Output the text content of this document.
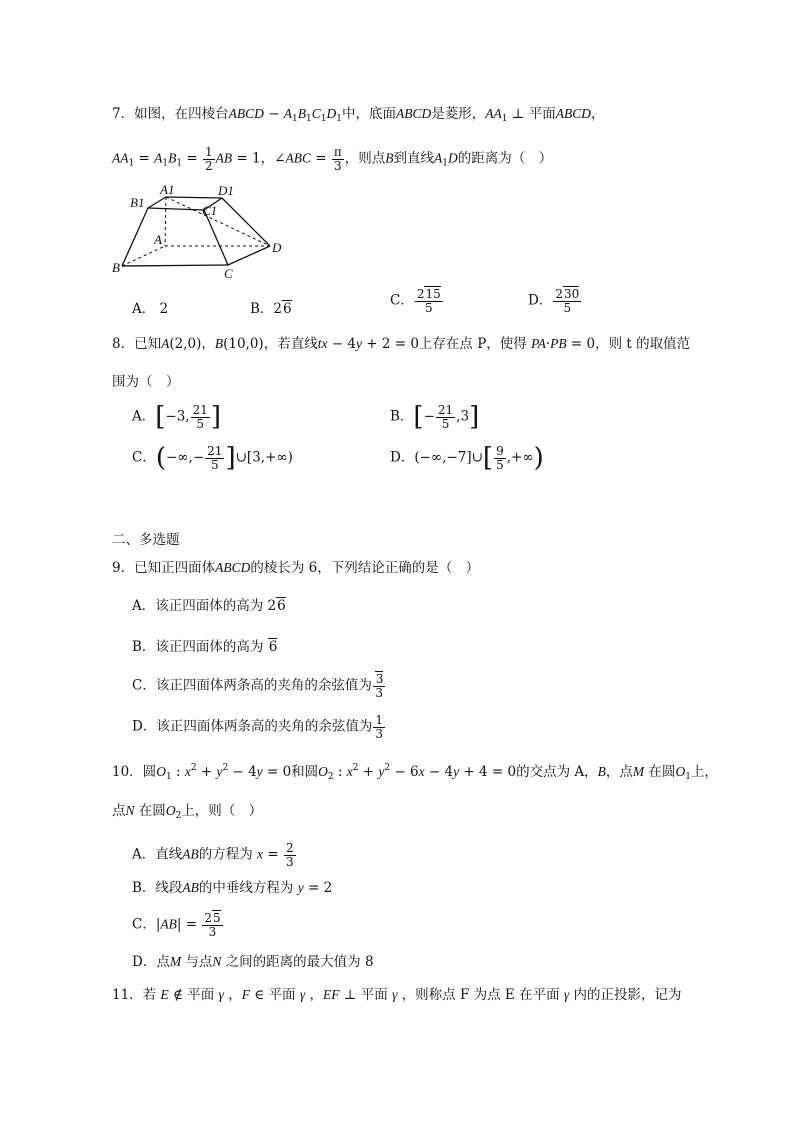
7．如图，在四棱台ABCD − $A_1B_1C_1D_1$中，底面ABCD是菱形，$AA_1$ ⊥ 平面ABCD，
$AA_1 = A_1B_1 = \frac{1}{2}$ AB = 1，∠ABC = $\frac{\pi}{3}$ ，则点B到直线$A_1D$的距离为（　）
A1	D1
B1
C1
A
D
B	C
A． 2	B．26
C． $\frac{215}{5}$	D． $\frac{230}{5}$
8．已知A(2,0)，B(10,0)，若直线tx − 4y + 2 = 0上存在点 P，使得 PA·PB = 0，则 t 的取值范
围为（　）
A．[−3, $\frac{21}{5}$ ]	B．[− $\frac{21}{5} ,3$]
C．(−∞,− $\frac{21}{5}$ ]∪[3,+∞)	D．(−∞,−7]∪[ $\frac{9}{5}$ ,+∞)
二、多选题
9．已知正四面体ABCD的棱长为 6，下列结论正确的是（　）
A．该正四面体的高为 26
B．该正四面体的高为 6
C．该正四面体两条高的夹角的余弦值为 $\frac{3}{3}$
D．该正四面体两条高的夹角的余弦值为 $\frac{1}{3}$
10．圆$O_1$ : $x^2 + y^2 - 4y = 0$和圆$O_2$ : $x^2 + y^2 - 6x - 4y + 4 = 0$的交点为 A，B，点M 在圆$O_1$上，
点N 在圆$O_2$上，则（　）
A．直线AB的方程为 $x = \frac{2}{3}$
B．线段AB的中垂线方程为 y = 2
C．$|AB| = \frac{25}{3}$
D．点M 与点N 之间的距离的最大值为 8
11．若 E ∉ 平面 γ ，F ∈ 平面 γ ，EF ⊥ 平面 γ ，则称点 F 为点 E 在平面 γ 内的正投影，记为
